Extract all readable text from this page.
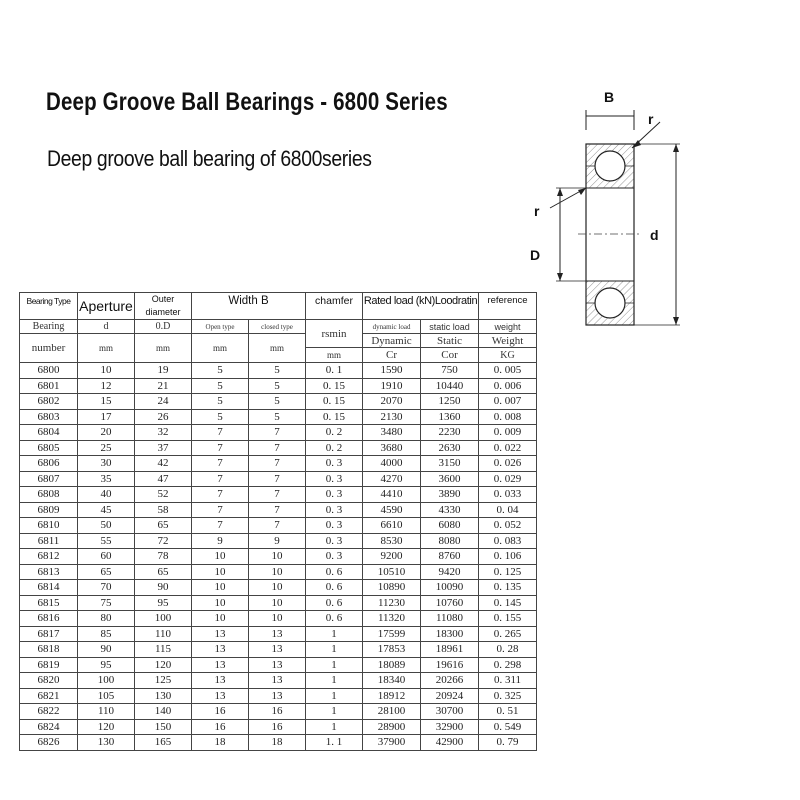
Deep Groove Ball Bearings - 6800 Series
Deep groove ball bearing of 6800series
B
r
d
r
D
Bearing Type	Aperture	Outer diameter	Width B		chamfer	Rated load (kN)Loodratin		reference
Bearing	d	0.D	Open type	closed type	rsmin	dynamic load	static load	weight
number	mm	mm	mm	mm		Dynamic	Static	Weight
					mm	Cr	Cor	KG
6800	10	19	5	5	0. 1	1590	750	0. 005
6801	12	21	5	5	0. 15	1910	10440	0. 006
6802	15	24	5	5	0. 15	2070	1250	0. 007
6803	17	26	5	5	0. 15	2130	1360	0. 008
6804	20	32	7	7	0. 2	3480	2230	0. 009
6805	25	37	7	7	0. 2	3680	2630	0. 022
6806	30	42	7	7	0. 3	4000	3150	0. 026
6807	35	47	7	7	0. 3	4270	3600	0. 029
6808	40	52	7	7	0. 3	4410	3890	0. 033
6809	45	58	7	7	0. 3	4590	4330	0. 04
6810	50	65	7	7	0. 3	6610	6080	0. 052
6811	55	72	9	9	0. 3	8530	8080	0. 083
6812	60	78	10	10	0. 3	9200	8760	0. 106
6813	65	65	10	10	0. 6	10510	9420	0. 125
6814	70	90	10	10	0. 6	10890	10090	0. 135
6815	75	95	10	10	0. 6	11230	10760	0. 145
6816	80	100	10	10	0. 6	11320	11080	0. 155
6817	85	110	13	13	1	17599	18300	0. 265
6818	90	115	13	13	1	17853	18961	0. 28
6819	95	120	13	13	1	18089	19616	0. 298
6820	100	125	13	13	1	18340	20266	0. 311
6821	105	130	13	13	1	18912	20924	0. 325
6822	110	140	16	16	1	28100	30700	0. 51
6824	120	150	16	16	1	28900	32900	0. 549
6826	130	165	18	18	1. 1	37900	42900	0. 79
